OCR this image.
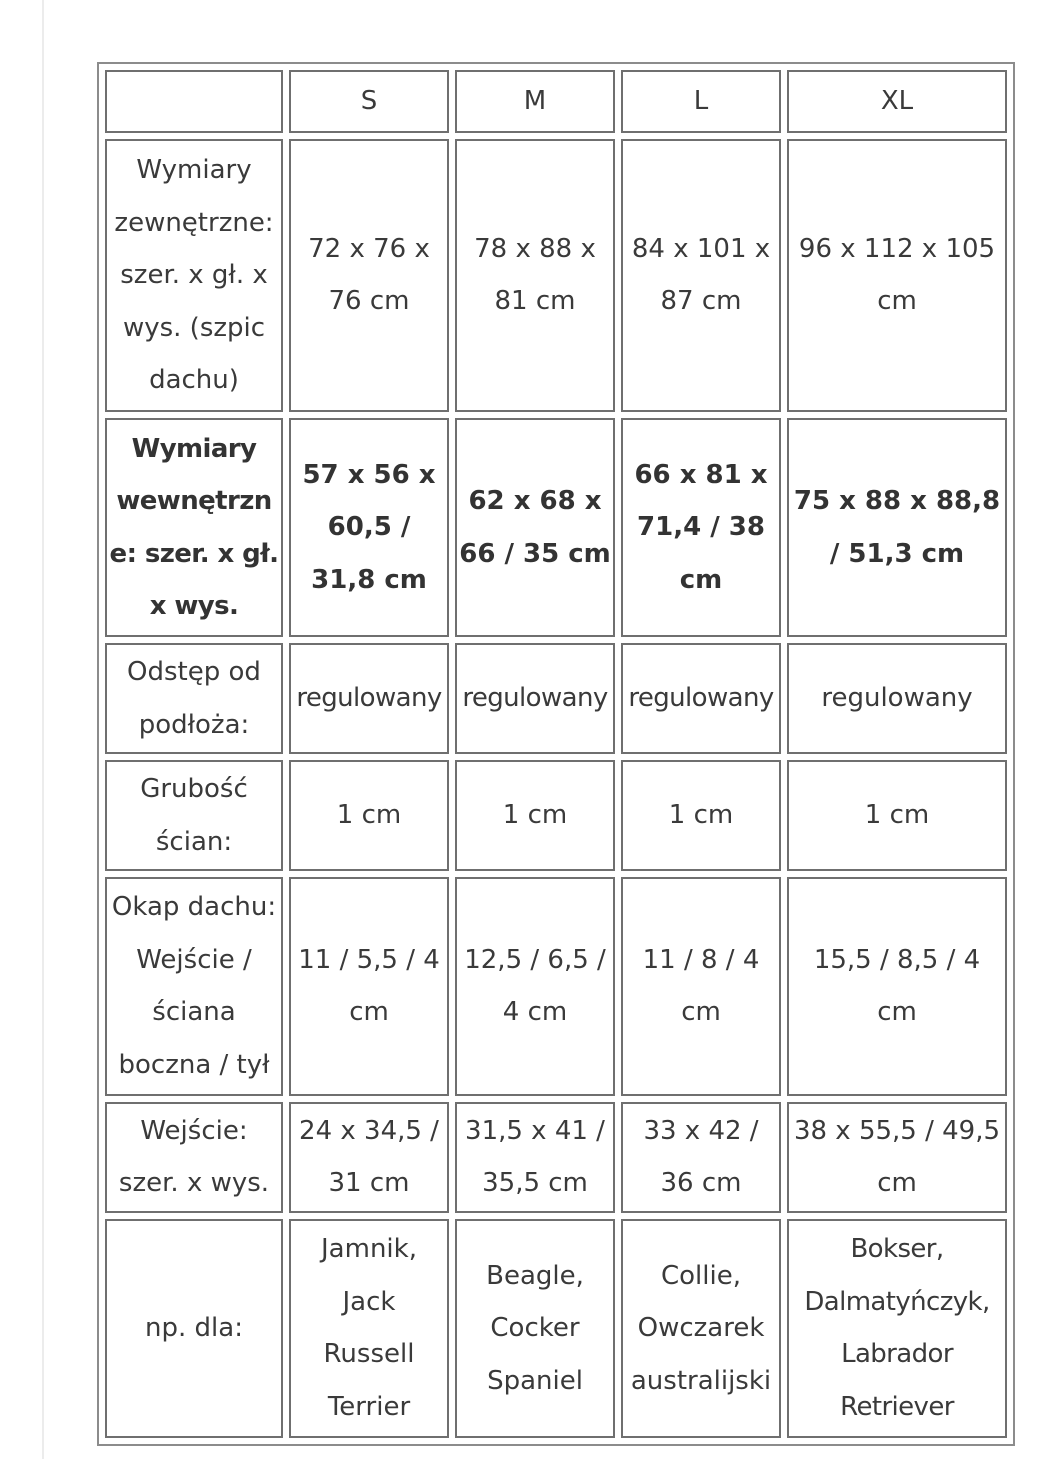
	S	M	L	XL
Wymiary zewnętrzne: szer. x gł. x wys. (szpic dachu)	72 x 76 x 76 cm	78 x 88 x 81 cm	84 x 101 x 87 cm	96 x 112 x 105 cm
Wymiary wewnętrzne: szer. x gł. x wys.	57 x 56 x 60,5 / 31,8 cm	62 x 68 x 66 / 35 cm	66 x 81 x 71,4 / 38 cm	75 x 88 x 88,8 / 51,3 cm
Odstęp od podłoża:	regulowany	regulowany	regulowany	regulowany
Grubość ścian:	1 cm	1 cm	1 cm	1 cm
Okap dachu: Wejście / ściana boczna / tył	11 / 5,5 / 4 cm	12,5 / 6,5 / 4 cm	11 / 8 / 4 cm	15,5 / 8,5 / 4 cm
Wejście: szer. x wys.	24 x 34,5 / 31 cm	31,5 x 41 / 35,5 cm	33 x 42 / 36 cm	38 x 55,5 / 49,5 cm
np. dla:	Jamnik, Jack Russell Terrier	Beagle, Cocker Spaniel	Collie, Owczarek australijski	Bokser, Dalmatyńczyk, Labrador Retriever
